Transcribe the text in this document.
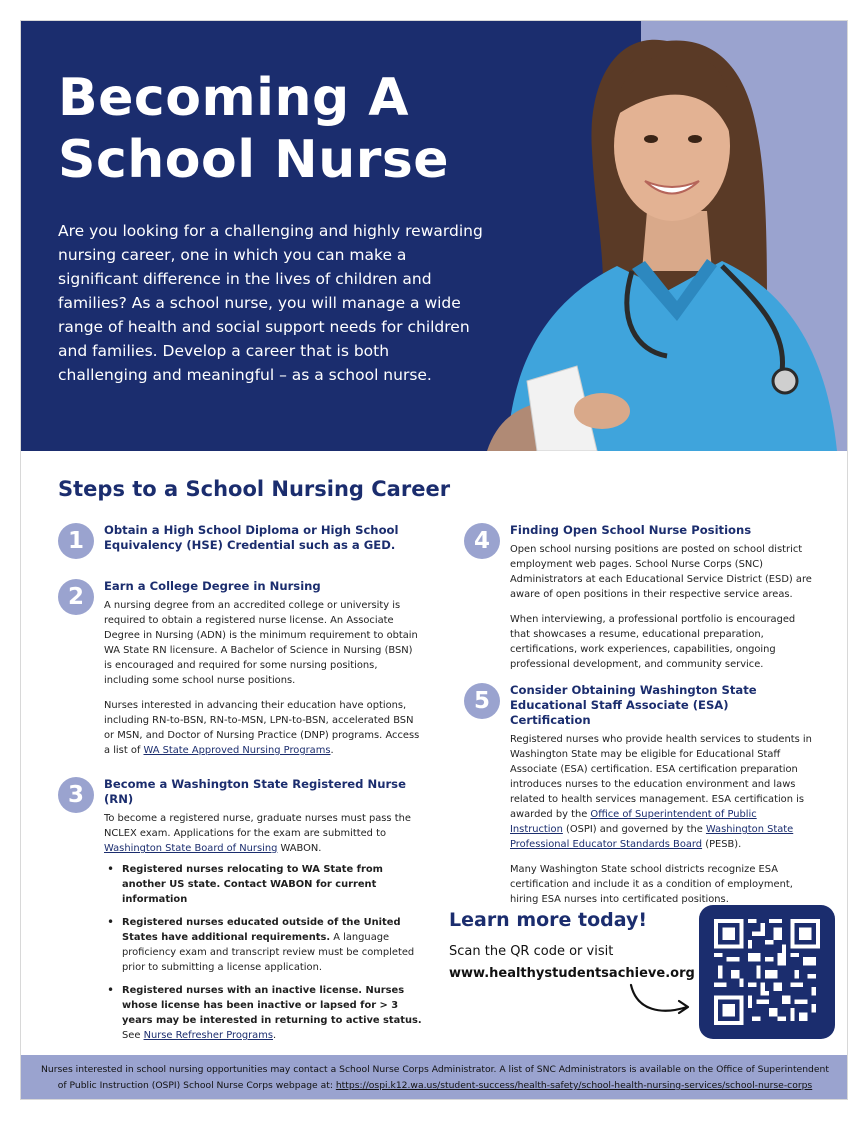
Becoming A
School Nurse
Are you looking for a challenging and highly rewarding nursing career, one in which you can make a significant difference in the lives of children and families? As a school nurse, you will manage a wide range of health and social support needs for children and families. Develop a career that is both challenging and meaningful – as a school nurse.
Steps to a School Nursing Career
1	Obtain a High School Diploma or High School Equivalency (HSE) Credential such as a GED.
2	Earn a College Degree in Nursing

A nursing degree from an accredited college or university is required to obtain a registered nurse license. An Associate Degree in Nursing (ADN) is the minimum requirement to obtain WA State RN licensure. A Bachelor of Science in Nursing (BSN) is encouraged and required for some nursing positions, including some school nurse positions.

Nurses interested in advancing their education have options, including RN-to-BSN, RN-to-MSN, LPN-to-BSN, accelerated BSN or MSN, and Doctor of Nursing Practice (DNP) programs. Access a list of WA State Approved Nursing Programs.

3	Become a Washington State Registered Nurse (RN)

To become a registered nurse, graduate nurses must pass the NCLEX exam. Applications for the exam are submitted to Washington State Board of Nursing WABON.

• Registered nurses relocating to WA State from another US state. Contact WABON for current information
• Registered nurses educated outside of the United States have additional requirements. A language proficiency exam and transcript review must be completed prior to submitting a license application.
• Registered nurses with an inactive license. Nurses whose license has been inactive or lapsed for > 3 years may be interested in returning to active status. See Nurse Refresher Programs.
4	Finding Open School Nurse Positions

Open school nursing positions are posted on school district employment web pages. School Nurse Corps (SNC) Administrators at each Educational Service District (ESD) are aware of open positions in their respective service areas.

When interviewing, a professional portfolio is encouraged that showcases a resume, educational preparation, certifications, work experiences, capabilities, ongoing professional development, and community service.

5	Consider Obtaining Washington State Educational Staff Associate (ESA) Certification

Registered nurses who provide health services to students in Washington State may be eligible for Educational Staff Associate (ESA) certification. ESA certification preparation introduces nurses to the education environment and laws related to health services management. ESA certification is awarded by the Office of Superintendent of Public Instruction (OSPI) and governed by the Washington State Professional Educator Standards Board (PESB).

Many Washington State school districts recognize ESA certification and include it as a condition of employment, hiring ESA nurses into certificated positions.

Learn more today!
Scan the QR code or visit
www.healthystudentsachieve.org
Nurses interested in school nursing opportunities may contact a School Nurse Corps Administrator. A list of SNC Administrators is available on the Office of Superintendent
of Public Instruction (OSPI) School Nurse Corps webpage at: https://ospi.k12.wa.us/student-success/health-safety/school-health-nursing-services/school-nurse-corps
